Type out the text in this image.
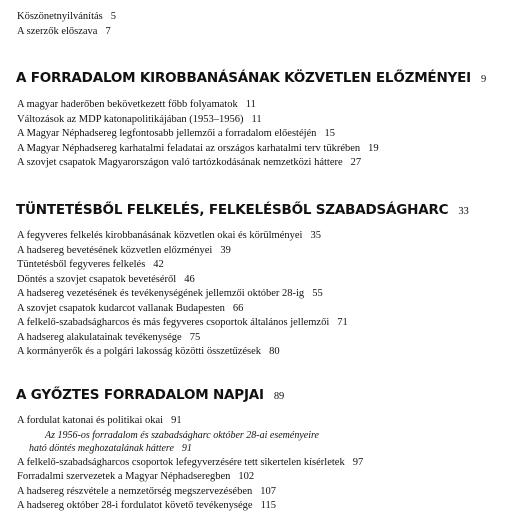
Köszönetnyilvánítás 5
A szerzők előszava 7
A FORRADALOM KIROBBANÁSÁNAK KÖZVETLEN ELŐZMÉNYEI 9
A magyar haderőben bekövetkezett főbb folyamatok 11
Változások az MDP katonapolitikájában (1953–1956) 11
A Magyar Néphadsereg legfontosabb jellemzői a forradalom előestéjén 15
A Magyar Néphadsereg karhatalmi feladatai az országos karhatalmi terv tükrében 19
A szovjet csapatok Magyarországon való tartózkodásának nemzetközi háttere 27
TÜNTETÉSBŐL FELKELÉS, FELKELÉSBŐL SZABADSÁGHARC 33
A fegyveres felkelés kirobbanásának közvetlen okai és körülményei 35
A hadsereg bevetésének közvetlen előzményei 39
Tüntetésből fegyveres felkelés 42
Döntés a szovjet csapatok bevetéséről 46
A hadsereg vezetésének és tevékenységének jellemzői október 28-ig 55
A szovjet csapatok kudarcot vallanak Budapesten 66
A felkelő-szabadságharcos és más fegyveres csoportok általános jellemzői 71
A hadsereg alakulatainak tevékenysége 75
A kormányerők és a polgári lakosság közötti összetűzések 80
A GYŐZTES FORRADALOM NAPJAI 89
A fordulat katonai és politikai okai 91
Az 1956-os forradalom és szabadságharc október 28-ai eseményeire
ható döntés meghozatalának háttere 91
A felkelő-szabadságharcos csoportok lefegyverzésére tett sikertelen kísérletek 97
Forradalmi szervezetek a Magyar Néphadseregben 102
A hadsereg részvétele a nemzetőrség megszervezésében 107
A hadsereg október 28-i fordulatot követő tevékenysége 115
